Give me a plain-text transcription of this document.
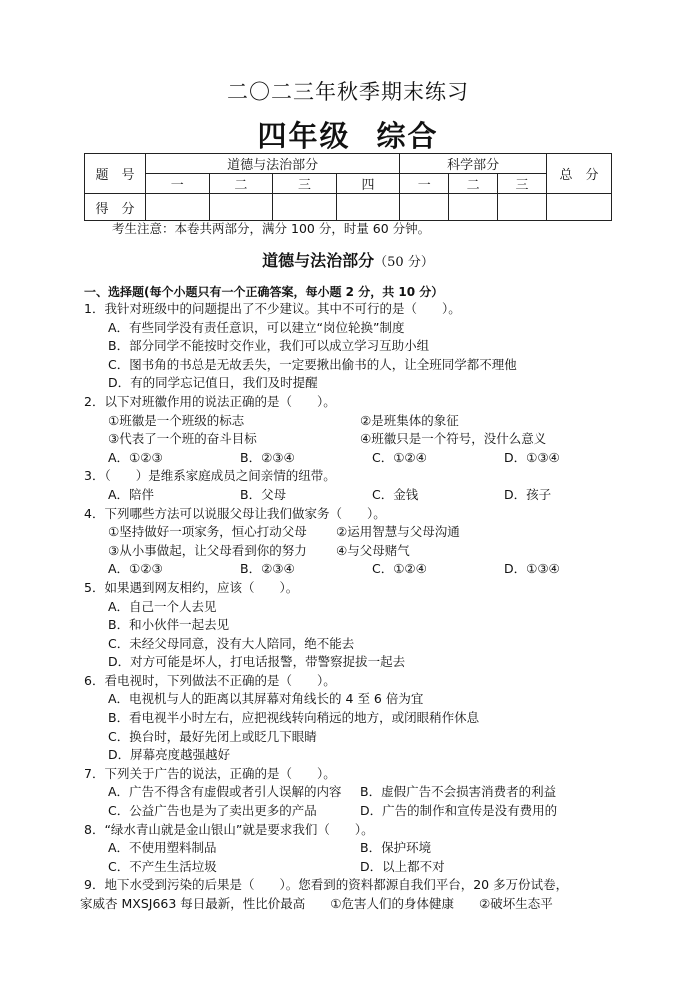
二〇二三年秋季期末练习
四年级 综合
题　号	道德与法治部分				科学部分			总　分
	一	二	三	四	一	二	三	
得　分								
考生注意：本卷共两部分，满分 100 分，时量 60 分钟。
道德与法治部分（50 分）
一、选择题(每个小题只有一个正确答案，每小题 2 分，共 10 分）
1．我针对班级中的问题提出了不少建议。其中不可行的是（　　）。
A．有些同学没有责任意识，可以建立“岗位轮换”制度
B．部分同学不能按时交作业，我们可以成立学习互助小组
C．图书角的书总是无故丢失，一定要揪出偷书的人，让全班同学都不理他
D．有的同学忘记值日，我们及时提醒
2．以下对班徽作用的说法正确的是（　　）。
①班徽是一个班级的标志	②是班集体的象征
③代表了一个班的奋斗目标	④班徽只是一个符号，没什么意义
A．①②③	B．②③④	C．①②④	D．①③④
3．（　　）是维系家庭成员之间亲情的纽带。
A．陪伴	B．父母	C．金钱	D．孩子
4．下列哪些方法可以说服父母让我们做家务（　　）。
①坚持做好一项家务，恒心打动父母	②运用智慧与父母沟通
③从小事做起，让父母看到你的努力	④与父母赌气
A．①②③	B．②③④	C．①②④	D．①③④
5．如果遇到网友相约，应该（　　）。
A．自己一个人去见
B．和小伙伴一起去见
C．未经父母同意，没有大人陪同，绝不能去
D．对方可能是坏人，打电话报警，带警察捉拔一起去
6．看电视时，下列做法不正确的是（　　）。
A．电视机与人的距离以其屏幕对角线长的 4 至 6 倍为宜
B．看电视半小时左右，应把视线转向稍远的地方，或闭眼稍作休息
C．换台时，最好先闭上或眨几下眼睛
D．屏幕亮度越强越好
7．下列关于广告的说法，正确的是（　　）。
A．广告不得含有虚假或者引人误解的内容	B．虚假广告不会损害消费者的利益
C．公益广告也是为了卖出更多的产品	D．广告的制作和宣传是没有费用的
8．“绿水青山就是金山银山”就是要求我们（　　）。
A．不使用塑料制品	B．保护环境
C．不产生生活垃圾	D．以上都不对
9．地下水受到污染的后果是（　　）。您看到的资料都源自我们平台，20 多万份试卷，
家威杏 MXSJ663 每日最新，性比价最高　　①危害人们的身体健康　　②破坏生态平
